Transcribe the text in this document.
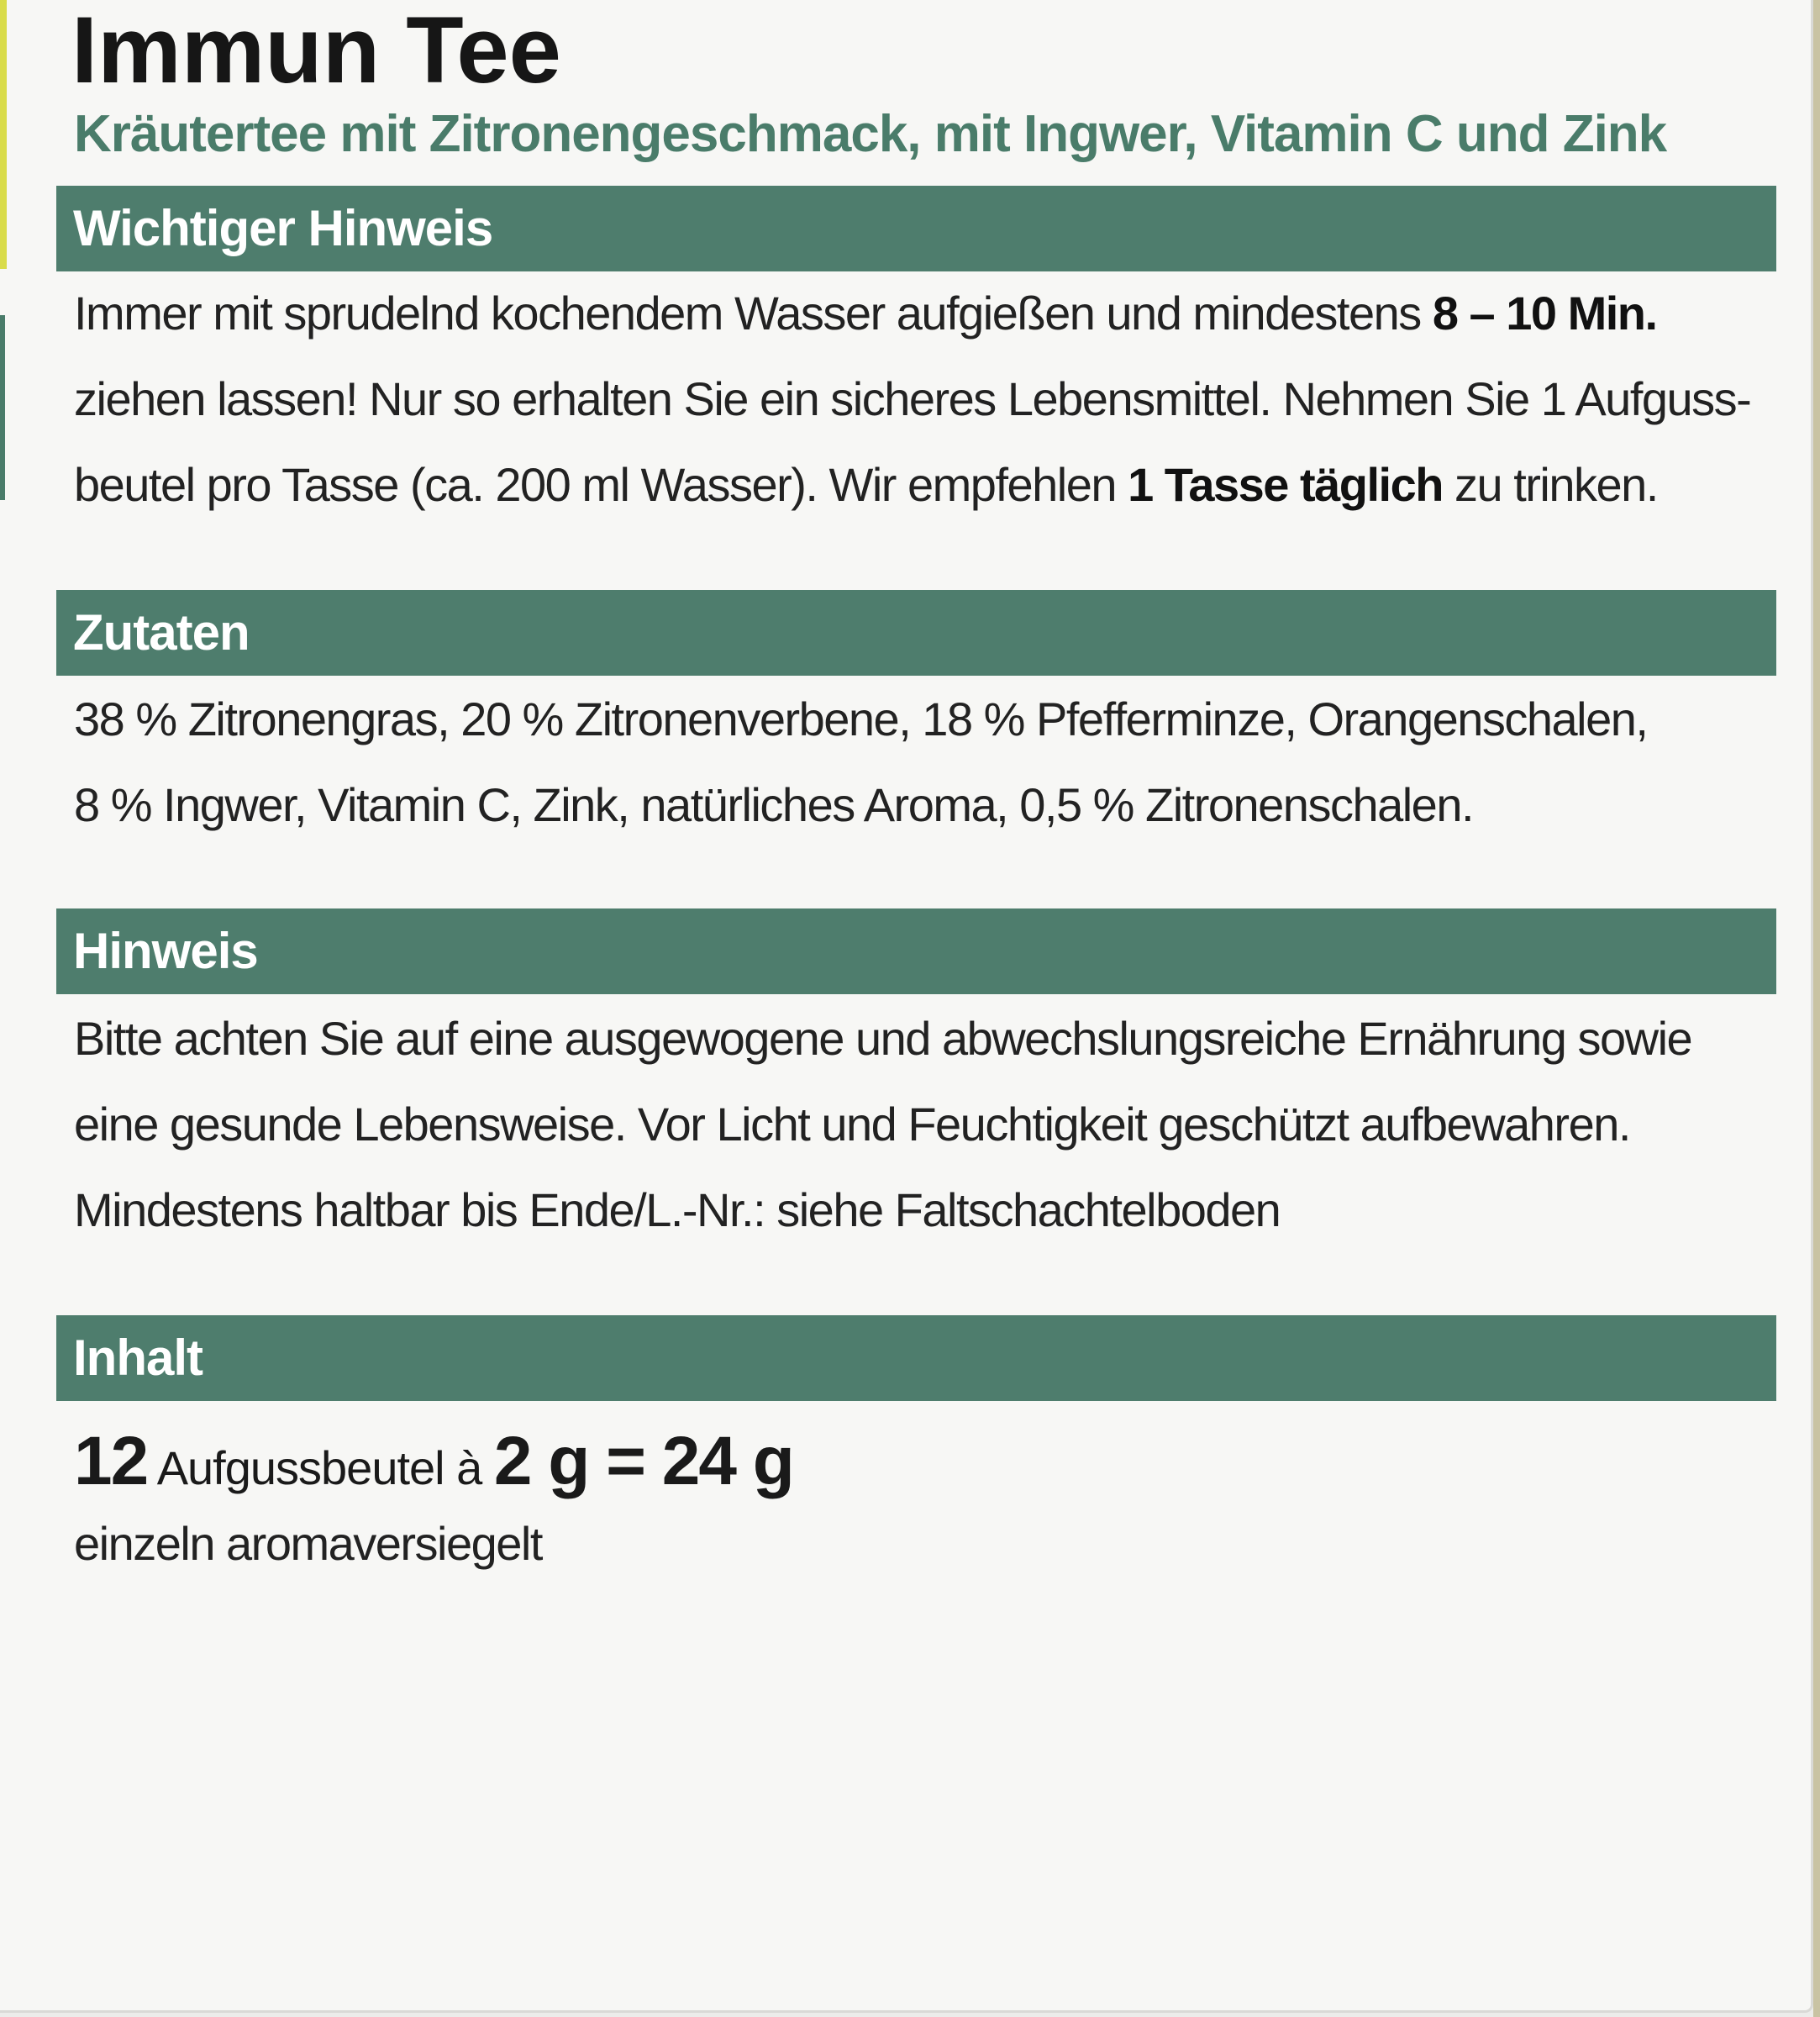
Immun Tee
Kräutertee mit Zitronengeschmack, mit Ingwer, Vitamin C und Zink
Wichtiger Hinweis
Immer mit sprudelnd kochendem Wasser aufgießen und mindestens 8 – 10 Min.
ziehen lassen! Nur so erhalten Sie ein sicheres Lebensmittel. Nehmen Sie 1 Aufguss-
beutel pro Tasse (ca. 200 ml Wasser). Wir empfehlen 1 Tasse täglich zu trinken.
Zutaten
38 % Zitronengras, 20 % Zitronenverbene, 18 % Pfefferminze, Orangenschalen,
8 % Ingwer, Vitamin C, Zink, natürliches Aroma, 0,5 % Zitronenschalen.
Hinweis
Bitte achten Sie auf eine ausgewogene und abwechslungsreiche Ernährung sowie
eine gesunde Lebensweise. Vor Licht und Feuchtigkeit geschützt aufbewahren.
Mindestens haltbar bis Ende/L.-Nr.: siehe Faltschachtelboden
Inhalt
12 Aufgussbeutel à 2 g = 24 g
einzeln aromaversiegelt
